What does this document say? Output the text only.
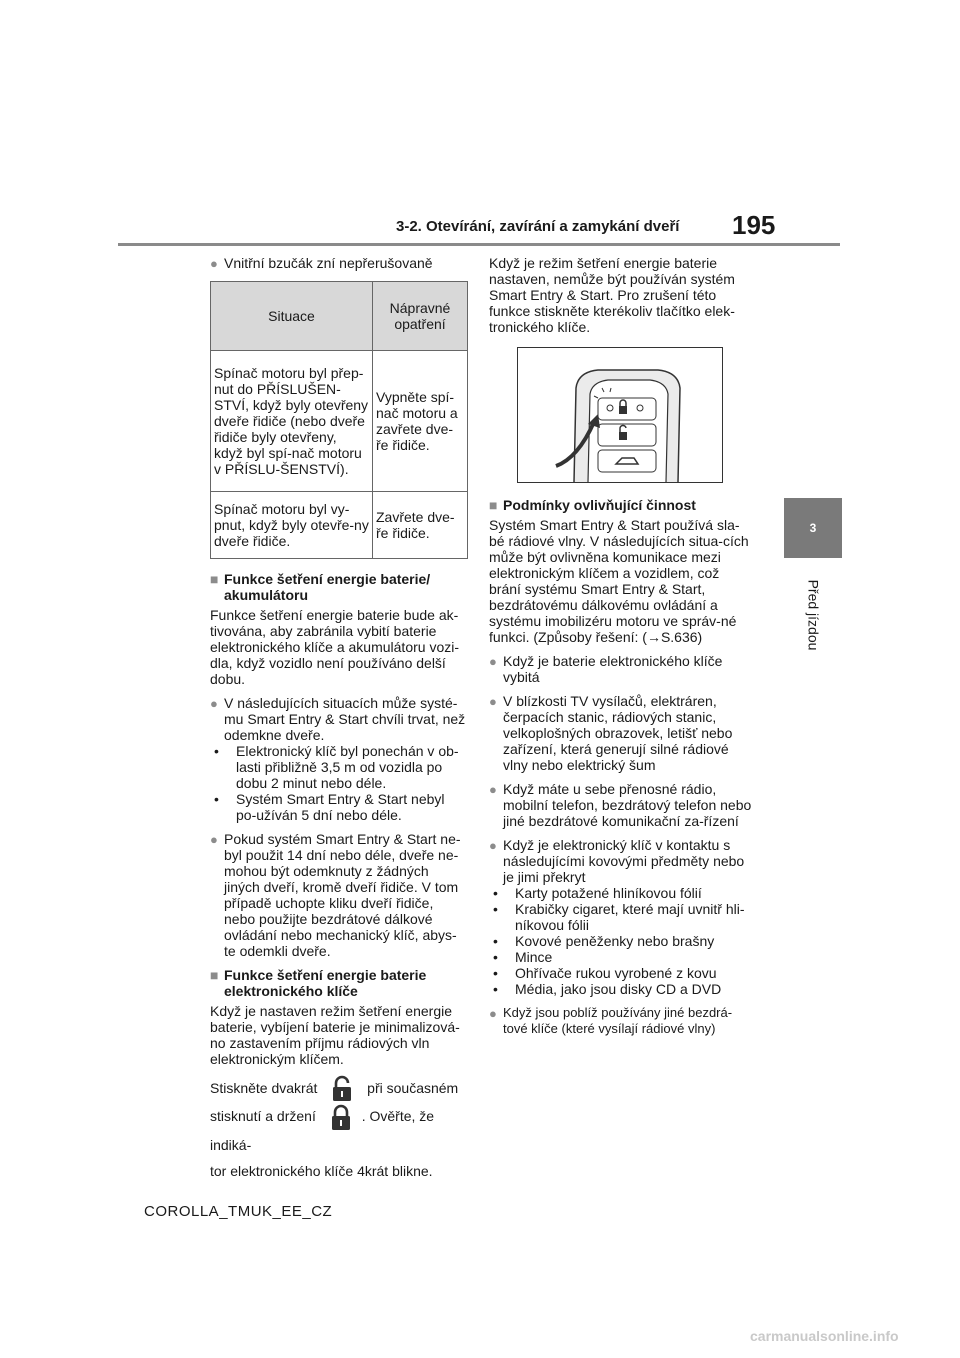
3-2. Otevírání, zavírání a zamykání dveří 195
3
Před jízdou
● Vnitřní bzučák zní nepřerušovaně
Situace	Nápravné opatření
Spínač motoru byl přep-nut do PŘÍSLUŠEN-STVÍ, když byly otevřeny dveře řidiče (nebo dveře řidiče byly otevřeny, když byl spí-nač motoru v PŘÍSLU-ŠENSTVÍ).	Vypněte spí-nač motoru a zavřete dve-ře řidiče.
Spínač motoru byl vy-pnut, když byly otevře-ny dveře řidiče.	Zavřete dve-ře řidiče.
■ Funkce šetření energie baterie/ akumulátoru
Funkce šetření energie baterie bude ak-tivována, aby zabránila vybití baterie elektronického klíče a akumulátoru vozi-dla, když vozidlo není používáno delší dobu.
● V následujících situacích může systé-mu Smart Entry & Start chvíli trvat, než odemkne dveře.
• Elektronický klíč byl ponechán v ob-lasti přibližně 3,5 m od vozidla po dobu 2 minut nebo déle.
• Systém Smart Entry & Start nebyl po-užíván 5 dní nebo déle.
● Pokud systém Smart Entry & Start ne-byl použit 14 dní nebo déle, dveře ne-mohou být odemknuty z žádných jiných dveří, kromě dveří řidiče. V tom případě uchopte kliku dveří řidiče, nebo použijte bezdrátové dálkové ovládání nebo mechanický klíč, abys-te odemkli dveře.
■ Funkce šetření energie baterie elektronického klíče
Když je nastaven režim šetření energie baterie, vybíjení baterie je minimalizová-no zastavením příjmu rádiových vln elektronickým klíčem.
Stiskněte dvakrát	při současném
stisknutí a držení	. Ověřte, že indiká-
tor elektronického klíče 4krát blikne.
Když je režim šetření energie baterie nastaven, nemůže být používán systém Smart Entry & Start. Pro zrušení této funkce stiskněte kterékoliv tlačítko elek-tronického klíče.
■ Podmínky ovlivňující činnost
Systém Smart Entry & Start používá sla-bé rádiové vlny. V následujících situa-cích může být ovlivněna komunikace mezi elektronickým klíčem a vozidlem, což brání systému Smart Entry & Start, bezdrátovému dálkovému ovládání a systému imobilizéru motoru ve správ-né funkci. (Způsoby řešení: (→S.636)
● Když je baterie elektronického klíče vybitá
● V blízkosti TV vysílačů, elektráren, čerpacích stanic, rádiových stanic, velkoplošných obrazovek, letišť nebo zařízení, která generují silné rádiové vlny nebo elektrický šum
● Když máte u sebe přenosné rádio, mobilní telefon, bezdrátový telefon nebo jiné bezdrátové komunikační za-řízení
● Když je elektronický klíč v kontaktu s následujícími kovovými předměty nebo je jimi překryt
• Karty potažené hliníkovou fólií
• Krabičky cigaret, které mají uvnitř hli-níkovou fólii
• Kovové peněženky nebo brašny
• Mince
• Ohřívače rukou vyrobené z kovu
• Média, jako jsou disky CD a DVD
● Když jsou poblíž používány jiné bezdrá-tové klíče (které vysílají rádiové vlny)
COROLLA_TMUK_EE_CZ
carmanualsonline.info
